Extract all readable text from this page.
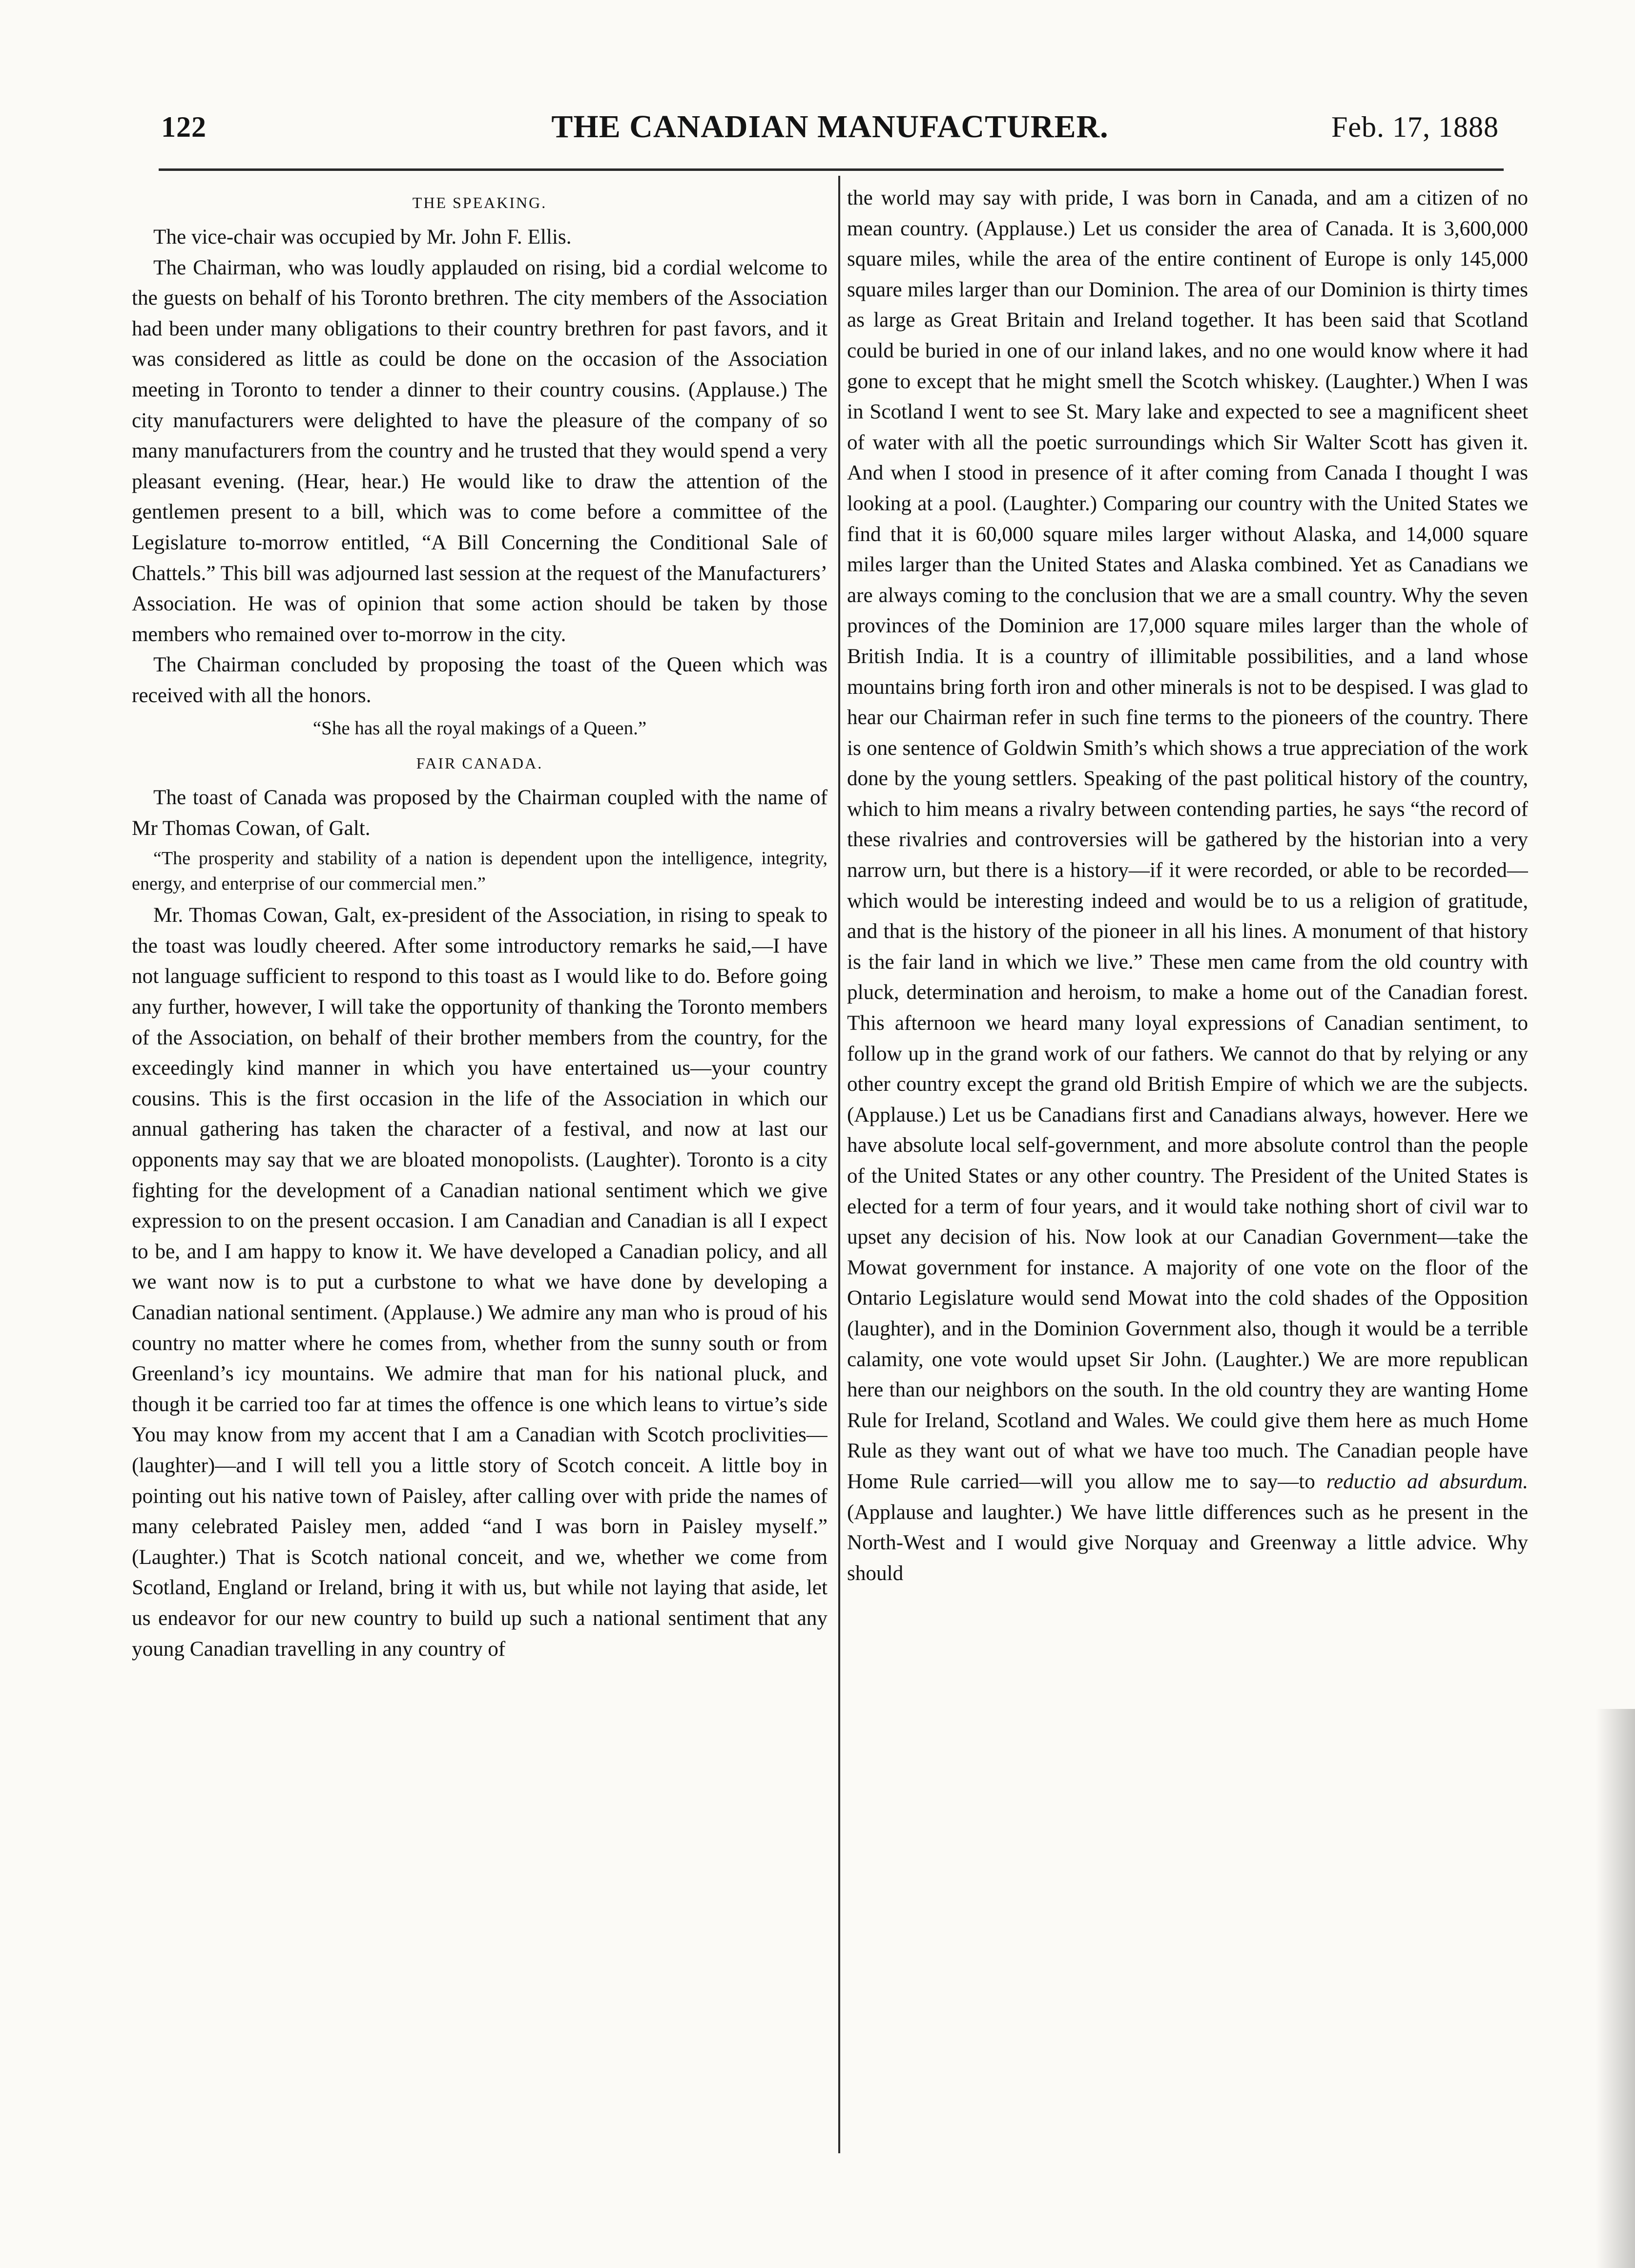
122	THE CANADIAN MANUFACTURER.	Feb. 17, 1888
THE SPEAKING.

The vice-chair was occupied by Mr. John F. Ellis.

The Chairman, who was loudly applauded on rising, bid a cordial welcome to the guests on behalf of his Toronto brethren. The city members of the Association had been under many obligations to their country brethren for past favors, and it was considered as little as could be done on the occasion of the Association meeting in Toronto to tender a dinner to their country cousins. (Applause.) The city manufacturers were delighted to have the pleasure of the company of so many manufacturers from the country and he trusted that they would spend a very pleasant evening. (Hear, hear.) He would like to draw the attention of the gentlemen present to a bill, which was to come before a committee of the Legislature to-morrow entitled, “A Bill Concerning the Conditional Sale of Chattels.” This bill was adjourned last session at the request of the Manufacturers’ Association. He was of opinion that some action should be taken by those members who remained over to-morrow in the city.

The Chairman concluded by proposing the toast of the Queen which was received with all the honors.

“She has all the royal makings of a Queen.”
FAIR CANADA.

The toast of Canada was proposed by the Chairman coupled with the name of Mr Thomas Cowan, of Galt.

“The prosperity and stability of a nation is dependent upon the intelligence, integrity, energy, and enterprise of our commercial men.”

Mr. Thomas Cowan, Galt, ex-president of the Association, in rising to speak to the toast was loudly cheered. After some introductory remarks he said,—I have not language sufficient to respond to this toast as I would like to do. Before going any further, however, I will take the opportunity of thanking the Toronto members of the Association, on behalf of their brother members from the country, for the exceedingly kind manner in which you have entertained us—your country cousins. This is the first occasion in the life of the Association in which our annual gathering has taken the character of a festival, and now at last our opponents may say that we are bloated monopolists. (Laughter). Toronto is a city fighting for the development of a Canadian national sentiment which we give expression to on the present occasion. I am Canadian and Canadian is all I expect to be, and I am happy to know it. We have developed a Canadian policy, and all we want now is to put a curbstone to what we have done by developing a Canadian national sentiment. (Applause.) We admire any man who is proud of his country no matter where he comes from, whether from the sunny south or from Greenland’s icy mountains. We admire that man for his national pluck, and though it be carried too far at times the offence is one which leans to virtue’s side You may know from my accent that I am a Canadian with Scotch proclivities—(laughter)—and I will tell you a little story of Scotch conceit. A little boy in pointing out his native town of Paisley, after calling over with pride the names of many celebrated Paisley men, added “and I was born in Paisley myself.” (Laughter.) That is Scotch national conceit, and we, whether we come from Scotland, England or Ireland, bring it with us, but while not laying that aside, let us endeavor for our new country to build up such a national sentiment that any young Canadian travelling in any country of

the world may say with pride, I was born in Canada, and am a citizen of no mean country. (Applause.) Let us consider the area of Canada. It is 3,600,000 square miles, while the area of the entire continent of Europe is only 145,000 square miles larger than our Dominion. The area of our Dominion is thirty times as large as Great Britain and Ireland together. It has been said that Scotland could be buried in one of our inland lakes, and no one would know where it had gone to except that he might smell the Scotch whiskey. (Laughter.) When I was in Scotland I went to see St. Mary lake and expected to see a magnificent sheet of water with all the poetic surroundings which Sir Walter Scott has given it. And when I stood in presence of it after coming from Canada I thought I was looking at a pool. (Laughter.) Comparing our country with the United States we find that it is 60,000 square miles larger without Alaska, and 14,000 square miles larger than the United States and Alaska combined. Yet as Canadians we are always coming to the conclusion that we are a small country. Why the seven provinces of the Dominion are 17,000 square miles larger than the whole of British India. It is a country of illimitable possibilities, and a land whose mountains bring forth iron and other minerals is not to be despised. I was glad to hear our Chairman refer in such fine terms to the pioneers of the country. There is one sentence of Goldwin Smith’s which shows a true appreciation of the work done by the young settlers. Speaking of the past political history of the country, which to him means a rivalry between contending parties, he says “the record of these rivalries and controversies will be gathered by the historian into a very narrow urn, but there is a history—if it were recorded, or able to be recorded—which would be interesting indeed and would be to us a religion of gratitude, and that is the history of the pioneer in all his lines. A monument of that history is the fair land in which we live.” These men came from the old country with pluck, determination and heroism, to make a home out of the Canadian forest. This afternoon we heard many loyal expressions of Canadian sentiment, to follow up in the grand work of our fathers. We cannot do that by relying or any other country except the grand old British Empire of which we are the subjects. (Applause.) Let us be Canadians first and Canadians always, however. Here we have absolute local self-government, and more absolute control than the people of the United States or any other country. The President of the United States is elected for a term of four years, and it would take nothing short of civil war to upset any decision of his. Now look at our Canadian Government—take the Mowat government for instance. A majority of one vote on the floor of the Ontario Legislature would send Mowat into the cold shades of the Opposition (laughter), and in the Dominion Government also, though it would be a terrible calamity, one vote would upset Sir John. (Laughter.) We are more republican here than our neighbors on the south. In the old country they are wanting Home Rule for Ireland, Scotland and Wales. We could give them here as much Home Rule as they want out of what we have too much. The Canadian people have Home Rule carried—will you allow me to say—to reductio ad absurdum. (Applause and laughter.) We have little differences such as he present in the North-West and I would give Norquay and Greenway a little advice. Why should
